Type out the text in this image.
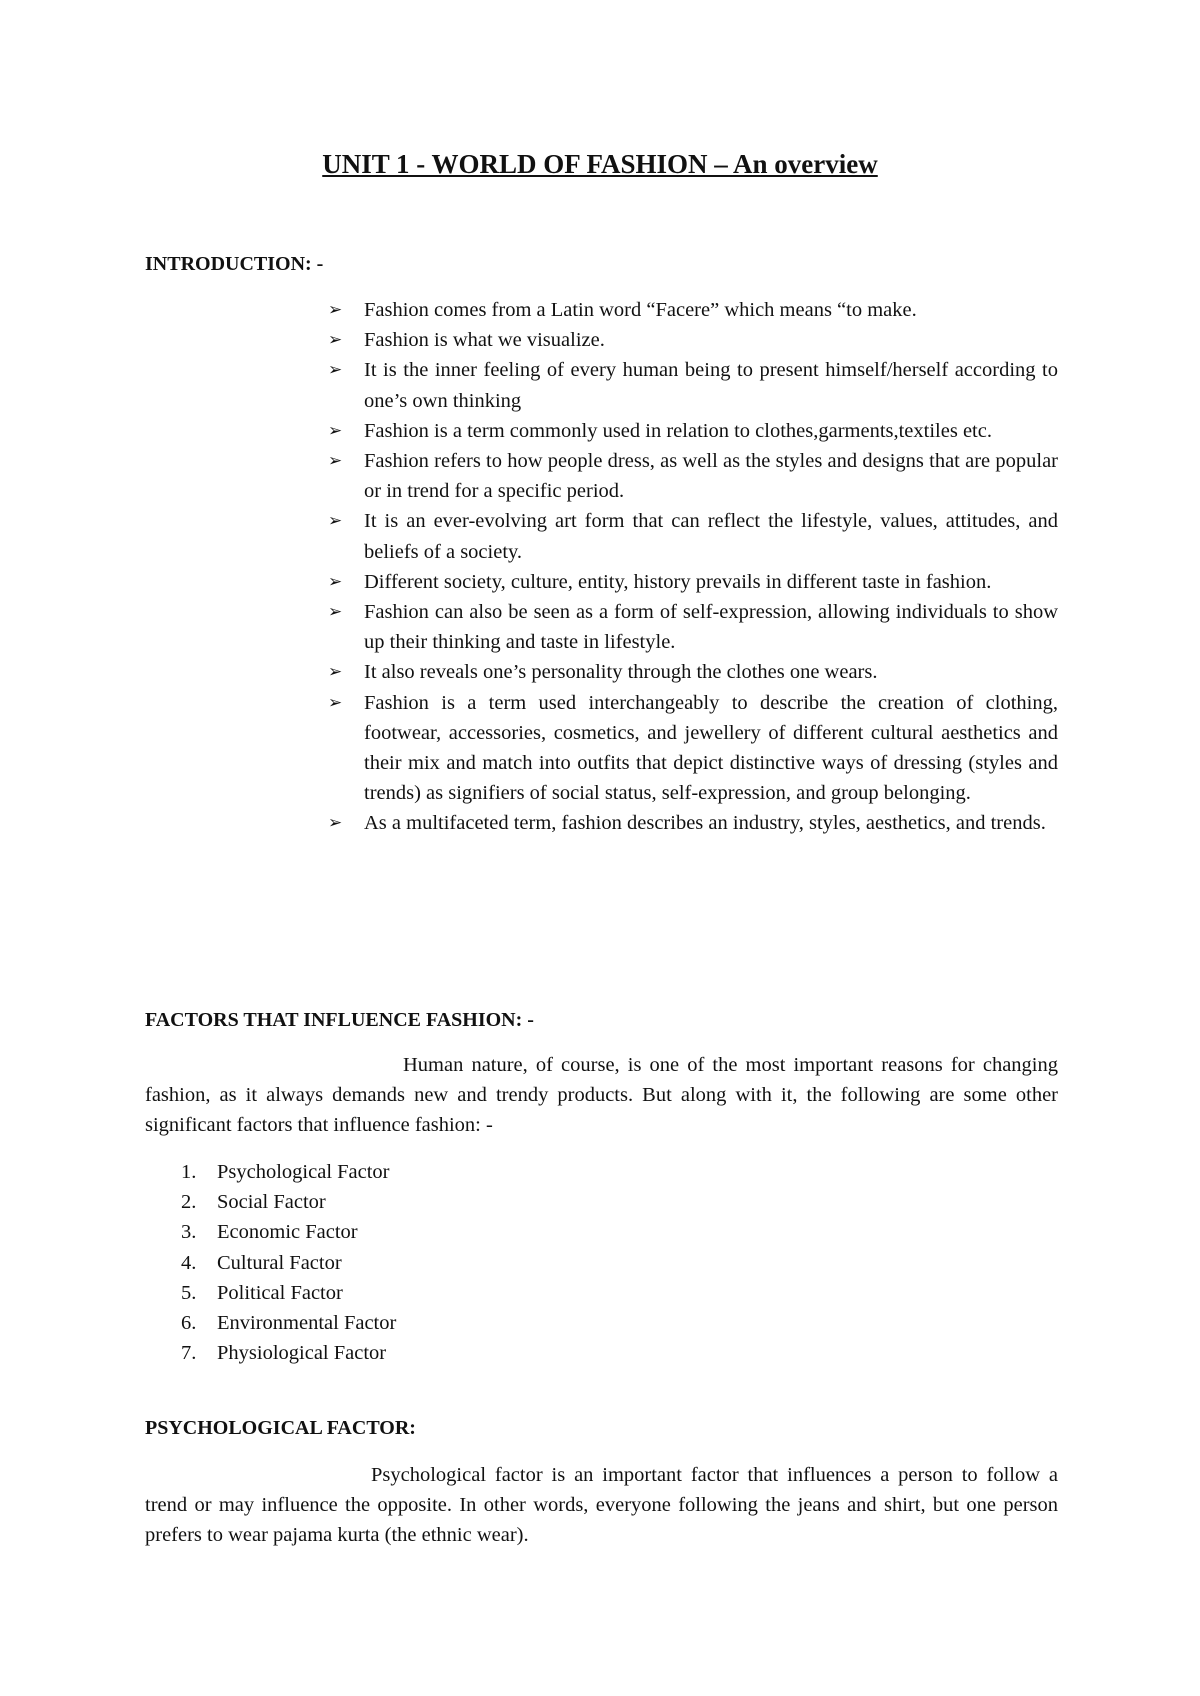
UNIT 1 - WORLD OF FASHION – An overview
INTRODUCTION: -
➢ Fashion comes from a Latin word “Facere” which means “to make.
➢ Fashion is what we visualize.
➢ It is the inner feeling of every human being to present himself/herself according to one’s own thinking
➢ Fashion is a term commonly used in relation to clothes,garments,textiles etc.
➢ Fashion refers to how people dress, as well as the styles and designs that are popular or in trend for a specific period.
➢ It is an ever-evolving art form that can reflect the lifestyle, values, attitudes, and beliefs of a society.
➢ Different society, culture, entity, history prevails in different taste in fashion.
➢ Fashion can also be seen as a form of self-expression, allowing individuals to show up their thinking and taste in lifestyle.
➢ It also reveals one’s personality through the clothes one wears.
➢ Fashion is a term used interchangeably to describe the creation of clothing, footwear, accessories, cosmetics, and jewellery of different cultural aesthetics and their mix and match into outfits that depict distinctive ways of dressing (styles and trends) as signifiers of social status, self-expression, and group belonging.
➢ As a multifaceted term, fashion describes an industry, styles, aesthetics, and trends.
FACTORS THAT INFLUENCE FASHION: -

Human nature, of course, is one of the most important reasons for changing fashion, as it always demands new and trendy products. But along with it, the following are some other significant factors that influence fashion: -

1. Psychological Factor
2. Social Factor
3. Economic Factor
4. Cultural Factor
5. Political Factor
6. Environmental Factor
7. Physiological Factor
PSYCHOLOGICAL FACTOR:

Psychological factor is an important factor that influences a person to follow a trend or may influence the opposite. In other words, everyone following the jeans and shirt, but one person prefers to wear pajama kurta (the ethnic wear).
